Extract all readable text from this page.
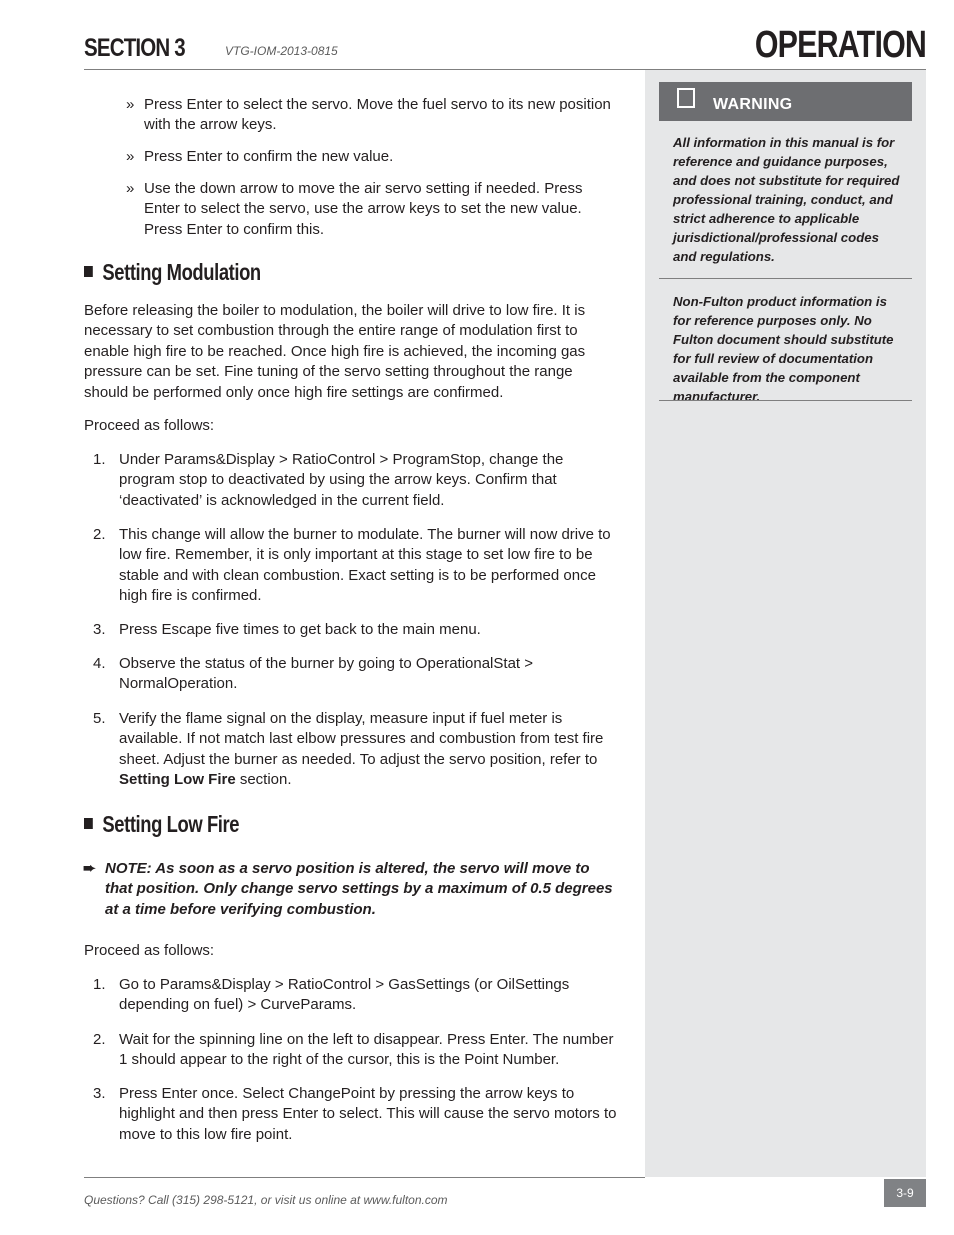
SECTION 3	VTG-IOM-2013-0815	OPERATION
WARNING
All information in this manual is for reference and guidance purposes, and does not substitute for required professional training, conduct, and strict adherence to applicable jurisdictional/professional codes and regulations.
Non-Fulton product information is for reference purposes only. No Fulton document should substitute for full review of documentation available from the component manufacturer.
» Press Enter to select the servo. Move the fuel servo to its new position with the arrow keys.
» Press Enter to confirm the new value.
» Use the down arrow to move the air servo setting if needed. Press Enter to select the servo, use the arrow keys to set the new value. Press Enter to confirm this.
Setting Modulation
Before releasing the boiler to modulation, the boiler will drive to low fire. It is necessary to set combustion through the entire range of modulation first to enable high fire to be reached. Once high fire is achieved, the incoming gas pressure can be set. Fine tuning of the servo setting throughout the range should be performed only once high fire settings are confirmed.
Proceed as follows:
1. Under Params&Display > RatioControl > ProgramStop, change the program stop to deactivated by using the arrow keys. Confirm that ‘deactivated’ is acknowledged in the current field.
2. This change will allow the burner to modulate. The burner will now drive to low fire. Remember, it is only important at this stage to set low fire to be stable and with clean combustion. Exact setting is to be performed once high fire is confirmed.
3. Press Escape five times to get back to the main menu.
4. Observe the status of the burner by going to OperationalStat > NormalOperation.
5. Verify the flame signal on the display, measure input if fuel meter is available. If not match last elbow pressures and combustion from test fire sheet. Adjust the burner as needed. To adjust the servo position, refer to Setting Low Fire section.
Setting Low Fire
➨ NOTE: As soon as a servo position is altered, the servo will move to that position. Only change servo settings by a maximum of 0.5 degrees at a time before verifying combustion.
Proceed as follows:
1. Go to Params&Display > RatioControl > GasSettings (or OilSettings depending on fuel) > CurveParams.
2. Wait for the spinning line on the left to disappear. Press Enter. The number 1 should appear to the right of the cursor, this is the Point Number.
3. Press Enter once. Select ChangePoint by pressing the arrow keys to highlight and then press Enter to select. This will cause the servo motors to move to this low fire point.
Questions? Call (315) 298-5121, or visit us online at www.fulton.com	3-9
